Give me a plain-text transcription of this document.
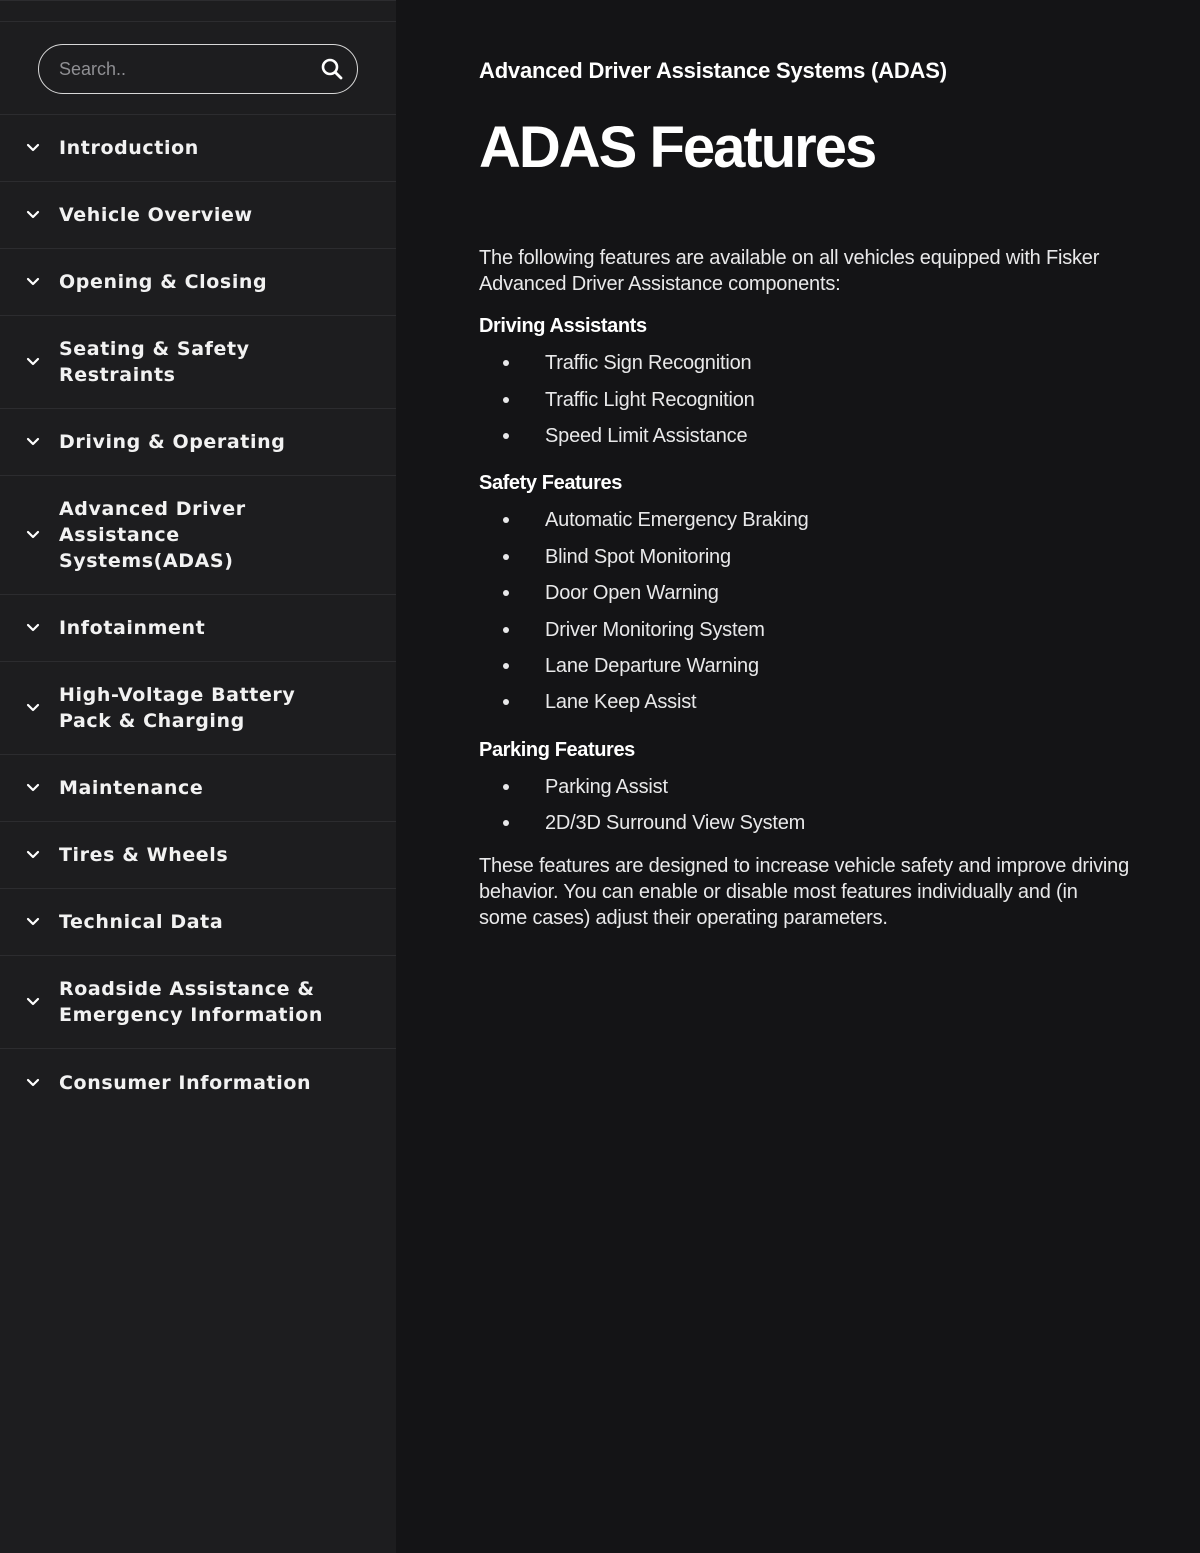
Search..
Introduction
Vehicle Overview
Opening & Closing
Seating & Safety Restraints
Driving & Operating
Advanced Driver Assistance Systems(ADAS)
Infotainment
High-Voltage Battery Pack & Charging
Maintenance
Tires & Wheels
Technical Data
Roadside Assistance & Emergency Information
Consumer Information

Advanced Driver Assistance Systems (ADAS)

ADAS Features

The following features are available on all vehicles equipped with Fisker Advanced Driver Assistance components:

Driving Assistants
Traffic Sign Recognition
Traffic Light Recognition
Speed Limit Assistance
Safety Features
Automatic Emergency Braking
Blind Spot Monitoring
Door Open Warning
Driver Monitoring System
Lane Departure Warning
Lane Keep Assist
Parking Features
Parking Assist
2D/3D Surround View System

These features are designed to increase vehicle safety and improve driving behavior. You can enable or disable most features individually and (in some cases) adjust their operating parameters.
